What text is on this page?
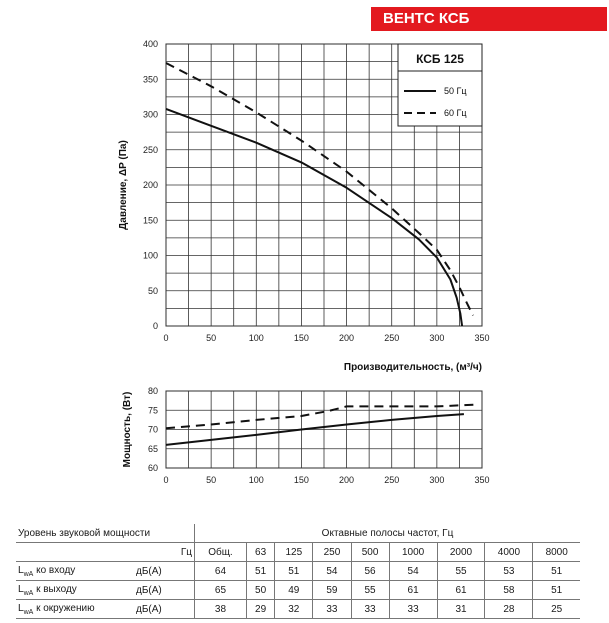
ВЕНТС КСБ
0	50	100	150	200	250	300	350
0
50
100
150
200
250
300
350
400
Давление, ΔP (Па)
Производительность, (м³/ч)
КСБ 125
50 Гц
60 Гц
0	50	100	150	200	250	300	350
60
65
70
75
80
Мощность, (Вт)
Уровень звуковой мощности		Октавные полосы частот, Гц								
	Гц	Общ.	63	125	250	500	1000	2000	4000	8000
$L_{wA}$ ко входу	дБ(А)	64	51	51	54	56	54	55	53	51
$L_{wA}$ к выходу	дБ(А)	65	50	49	59	55	61	61	58	51
$L_{wA}$ к окружению	дБ(А)	38	29	32	33	33	33	31	28	25
